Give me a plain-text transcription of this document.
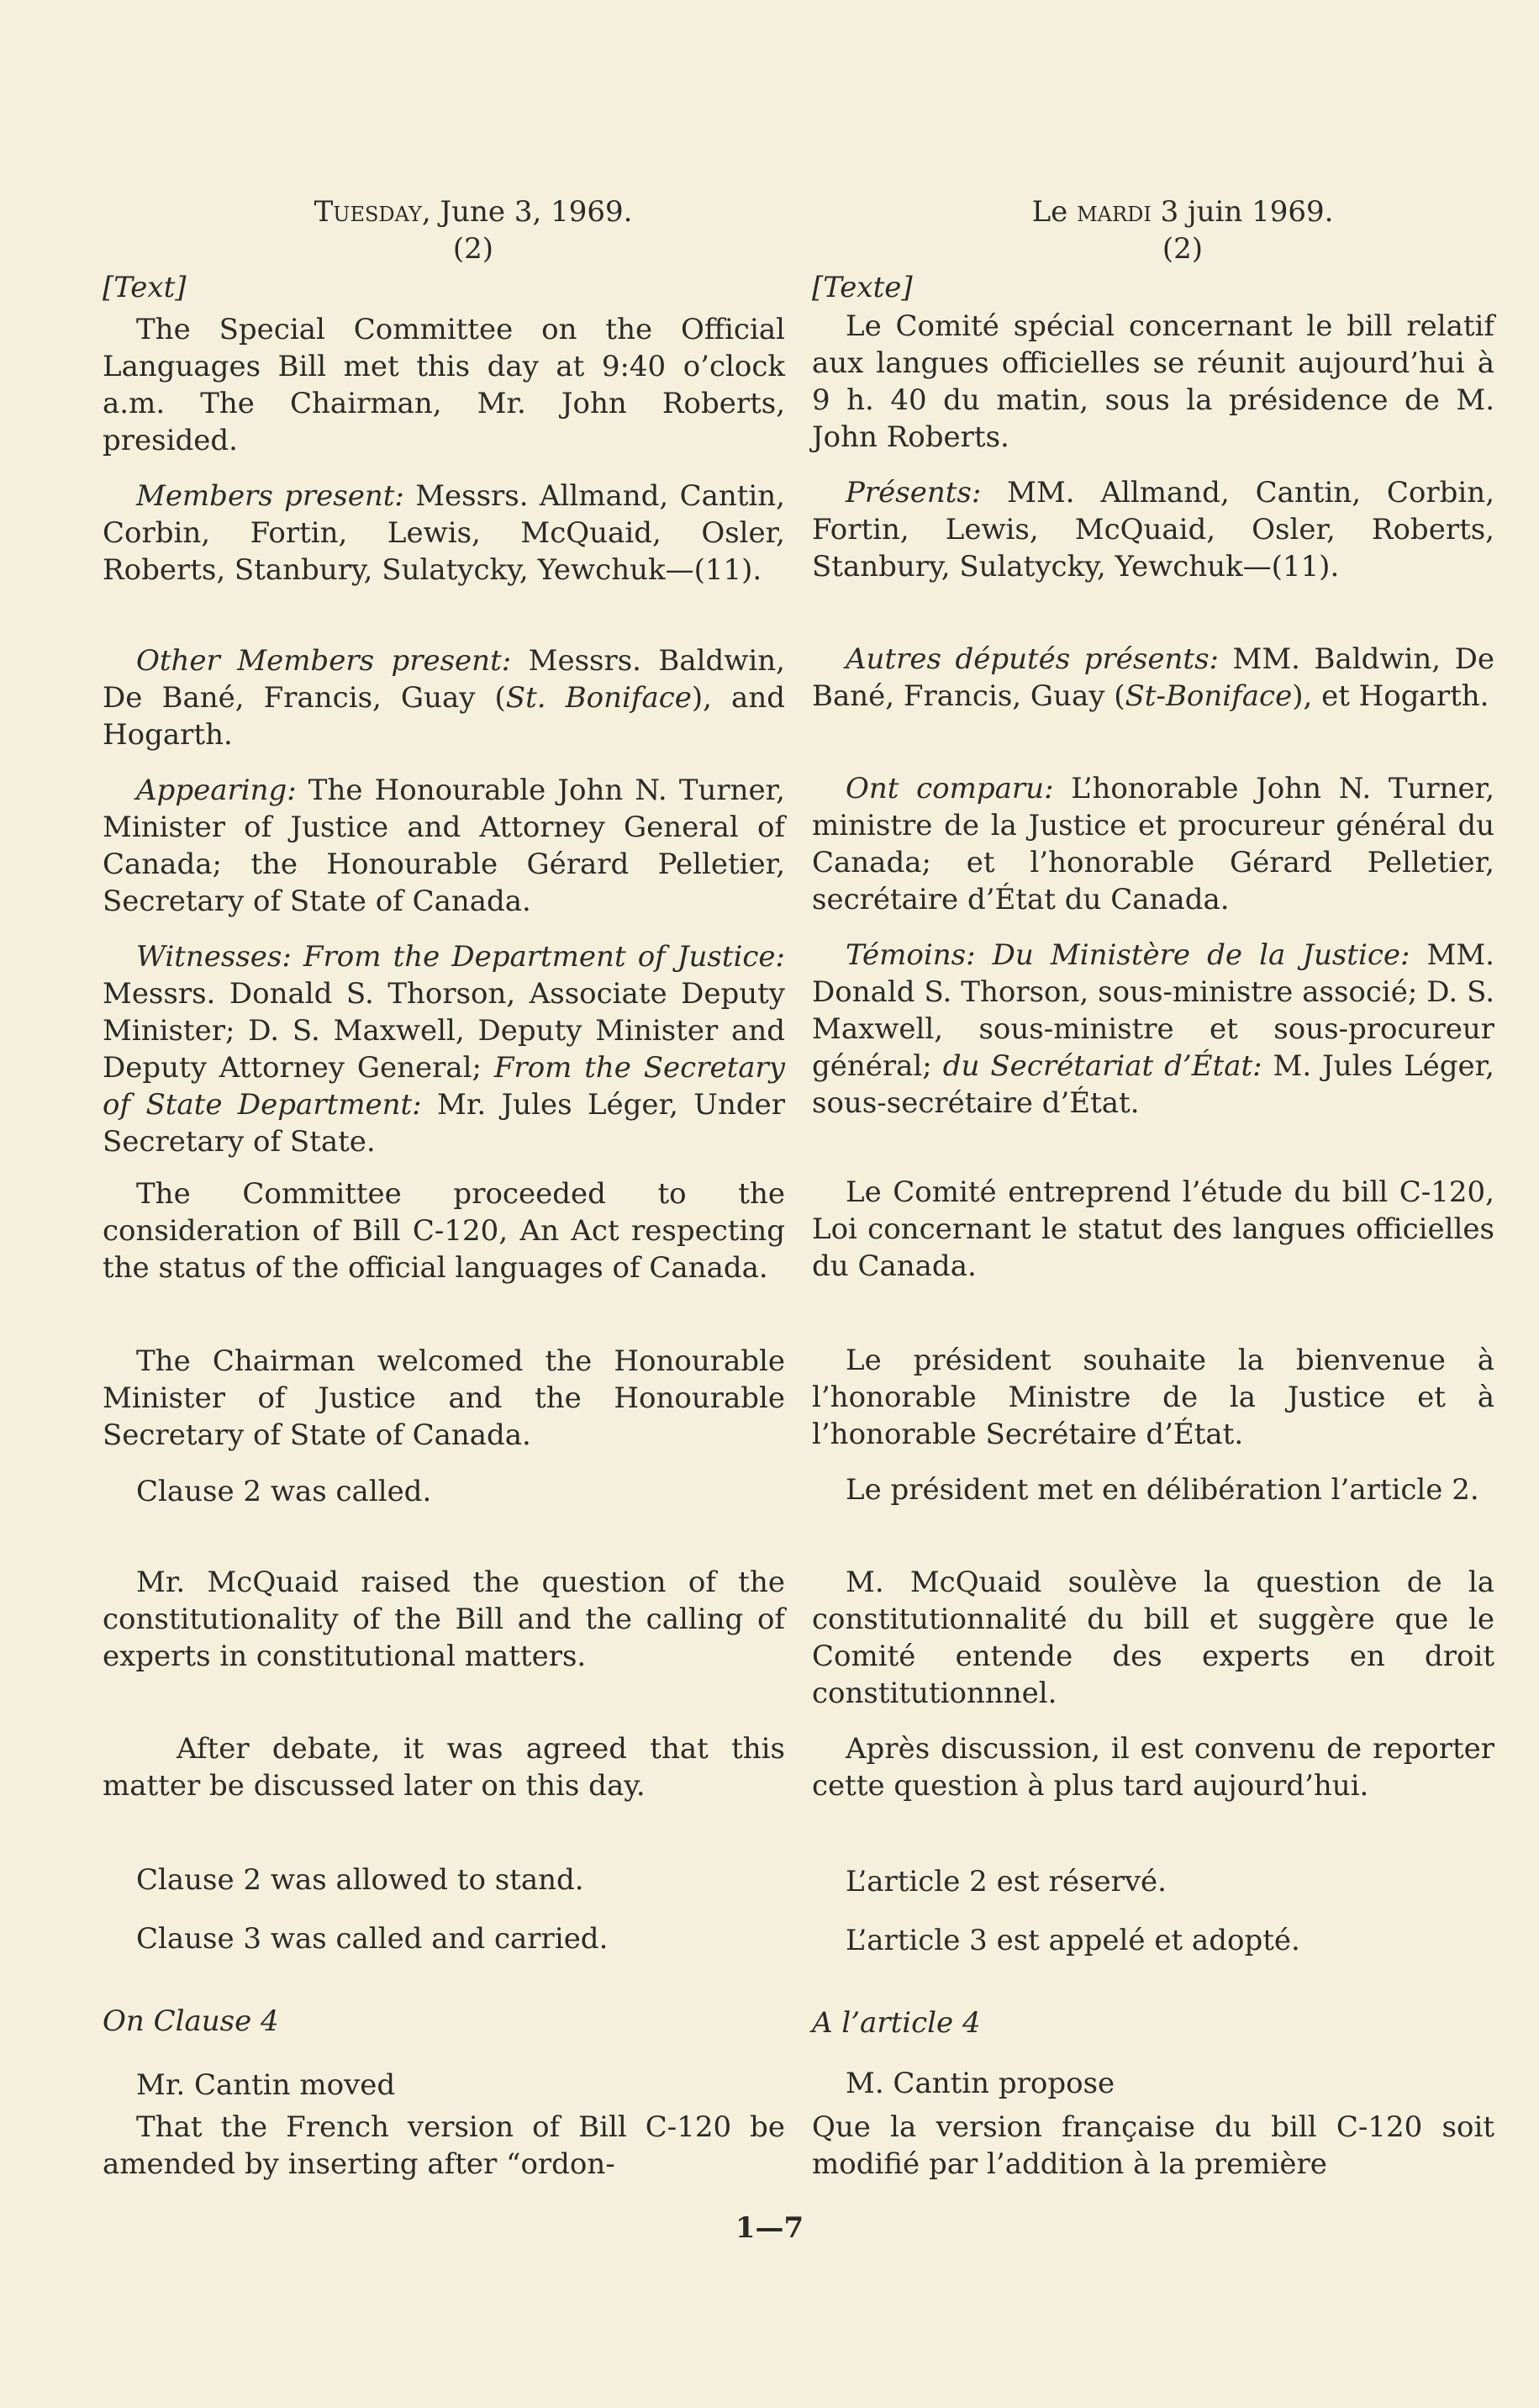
Tuesday, June 3, 1969.

(2)

[Text]

The Special Committee on the Official Languages Bill met this day at 9:40 o’clock a.m. The Chairman, Mr. John Roberts, presided.

Members present: Messrs. Allmand, Cantin, Corbin, Fortin, Lewis, McQuaid, Osler, Roberts, Stanbury, Sulatycky, Yewchuk—(11).

Other Members present: Messrs. Baldwin, De Bané, Francis, Guay (St. Boniface), and Hogarth.

Appearing: The Honourable John N. Turner, Minister of Justice and Attorney General of Canada; the Honourable Gérard Pelletier, Secretary of State of Canada.

Witnesses: From the Department of Justice: Messrs. Donald S. Thorson, Associate Deputy Minister; D. S. Maxwell, Deputy Minister and Deputy Attorney General; From the Secretary of State Department: Mr. Jules Léger, Under Secretary of State.

The Committee proceeded to the consideration of Bill C-120, An Act respecting the status of the official languages of Canada.

The Chairman welcomed the Honourable Minister of Justice and the Honourable Secretary of State of Canada.

Clause 2 was called.

Mr. McQuaid raised the question of the constitutionality of the Bill and the calling of experts in constitutional matters.

After debate, it was agreed that this matter be discussed later on this day.

Clause 2 was allowed to stand.

Clause 3 was called and carried.

On Clause 4

Mr. Cantin moved

That the French version of Bill C-120 be amended by inserting after “ordon-

Le mardi 3 juin 1969.

(2)

[Texte]

Le Comité spécial concernant le bill relatif aux langues officielles se réunit aujourd’hui à 9 h. 40 du matin, sous la présidence de M. John Roberts.

Présents: MM. Allmand, Cantin, Corbin, Fortin, Lewis, McQuaid, Osler, Roberts, Stanbury, Sulatycky, Yewchuk—(11).

Autres députés présents: MM. Baldwin, De Bané, Francis, Guay (St-Boniface), et Hogarth.

Ont comparu: L’honorable John N. Turner, ministre de la Justice et procureur général du Canada; et l’honorable Gérard Pelletier, secrétaire d’État du Canada.

Témoins: Du Ministère de la Justice: MM. Donald S. Thorson, sous-ministre associé; D. S. Maxwell, sous-ministre et sous-procureur général; du Secrétariat d’État: M. Jules Léger, sous-secrétaire d’État.

Le Comité entreprend l’étude du bill C-120, Loi concernant le statut des langues officielles du Canada.

Le président souhaite la bienvenue à l’honorable Ministre de la Justice et à l’honorable Secrétaire d’État.

Le président met en délibération l’article 2.

M. McQuaid soulève la question de la constitutionnalité du bill et suggère que le Comité entende des experts en droit constitutionnnel.

Après discussion, il est convenu de reporter cette question à plus tard aujourd’hui.

L’article 2 est réservé.

L’article 3 est appelé et adopté.

A l’article 4

M. Cantin propose

Que la version française du bill C-120 soit modifié par l’addition à la première

1—7
